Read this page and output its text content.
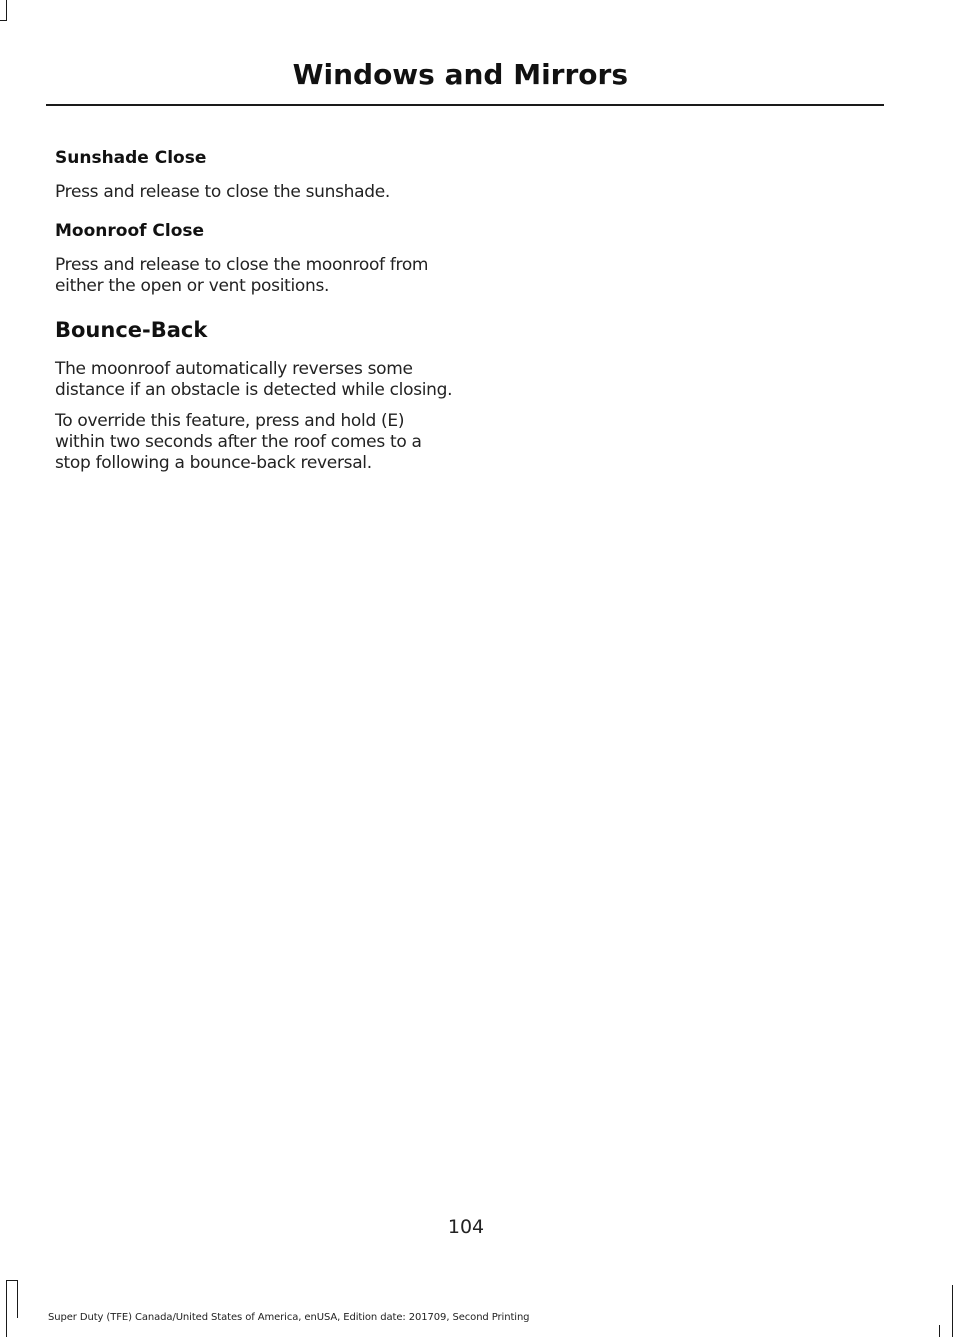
Windows and Mirrors
Sunshade Close

Press and release to close the sunshade.

Moonroof Close

Press and release to close the moonroof from either the open or vent positions.

Bounce-Back

The moonroof automatically reverses some distance if an obstacle is detected while closing.

To override this feature, press and hold (E) within two seconds after the roof comes to a stop following a bounce-back reversal.

104
Super Duty (TFE) Canada/United States of America, enUSA, Edition date: 201709, Second Printing
